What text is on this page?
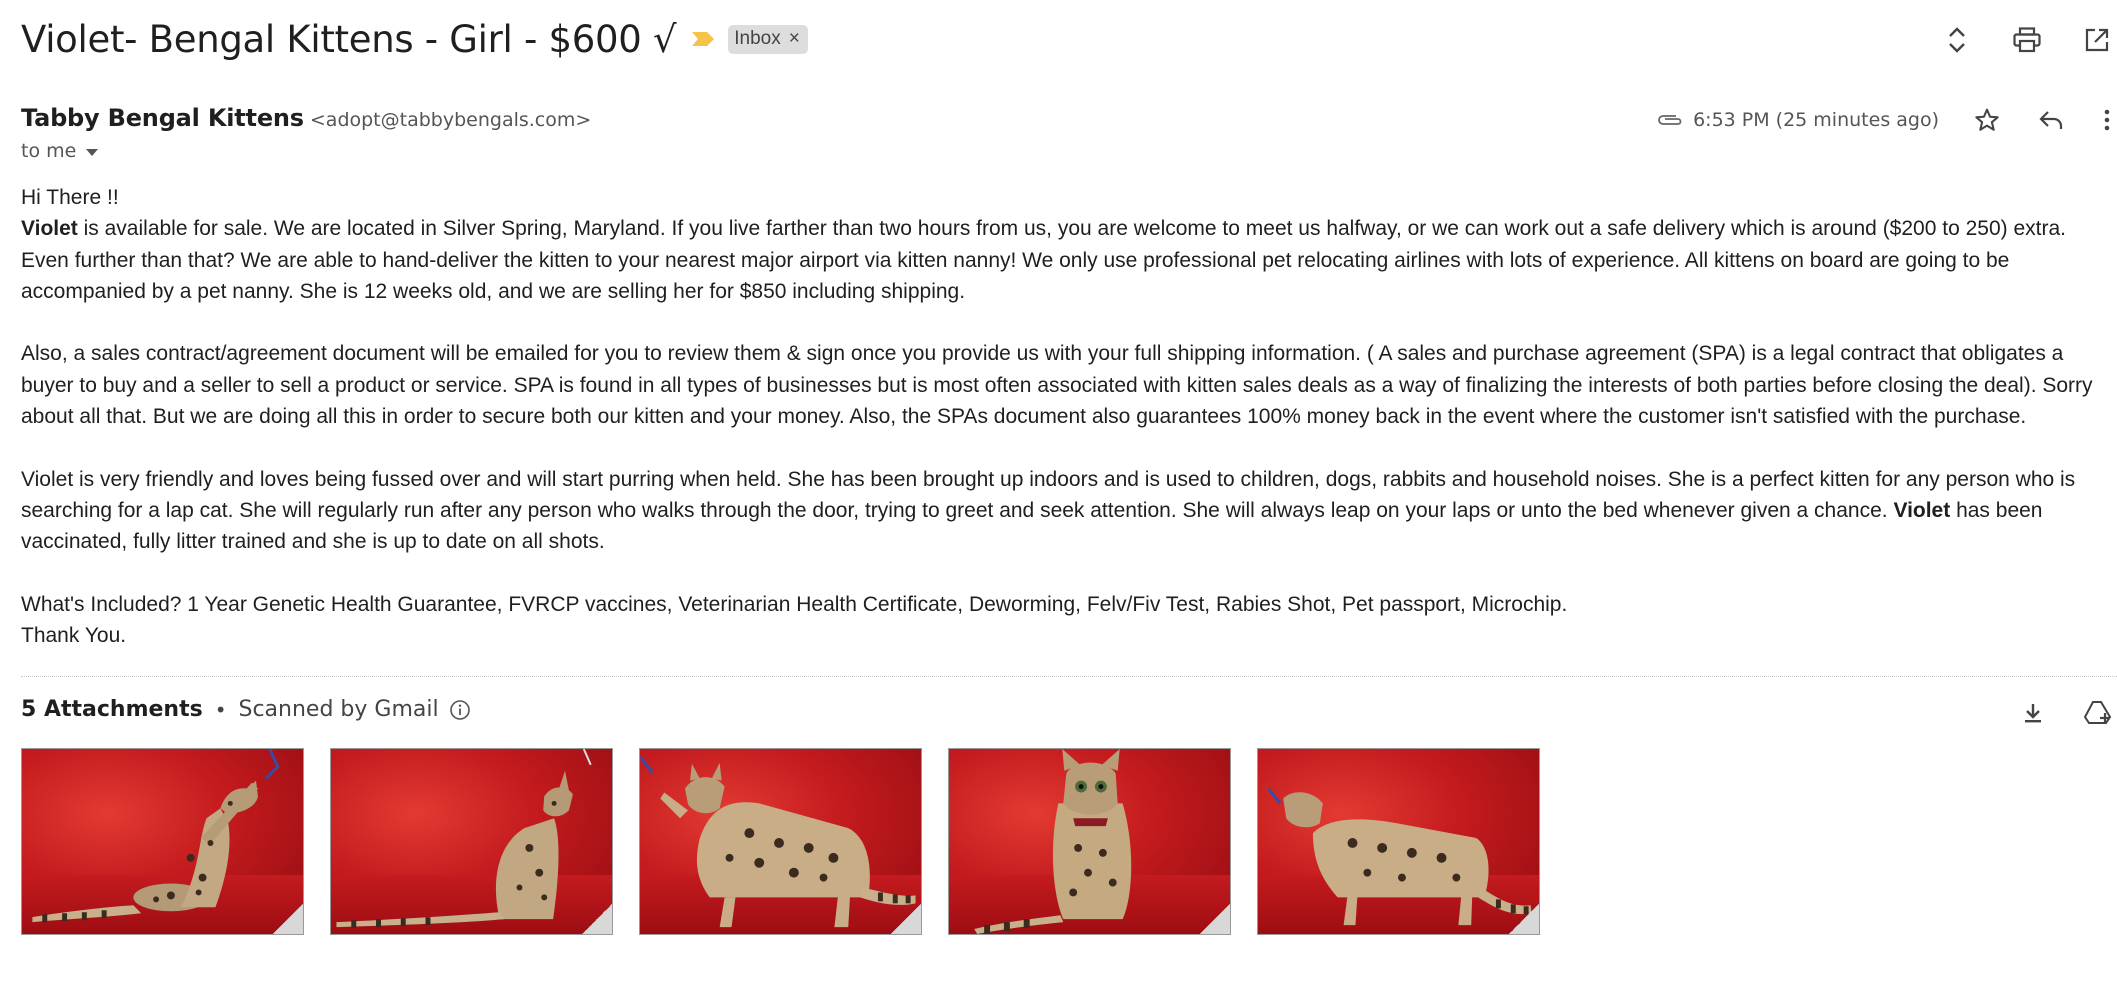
Violet- Bengal Kittens - Girl - $600 √	Inbox ×
Tabby Bengal Kittens <adopt@tabbybengals.com>
to me
6:53 PM (25 minutes ago)

Hi There !!

Violet is available for sale. We are located in Silver Spring, Maryland. If you live farther than two hours from us, you are welcome to meet us halfway, or we can work out a safe delivery which is around ($200 to 250) extra. Even further than that? We are able to hand-deliver the kitten to your nearest major airport via kitten nanny! We only use professional pet relocating airlines with lots of experience. All kittens on board are going to be accompanied by a pet nanny. She is 12 weeks old, and we are selling her for $850 including shipping.

Also, a sales contract/agreement document will be emailed for you to review them & sign once you provide us with your full shipping information. ( A sales and purchase agreement (SPA) is a legal contract that obligates a buyer to buy and a seller to sell a product or service. SPA is found in all types of businesses but is most often associated with kitten sales deals as a way of finalizing the interests of both parties before closing the deal). Sorry about all that. But we are doing all this in order to secure both our kitten and your money. Also, the SPAs document also guarantees 100% money back in the event where the customer isn't satisfied with the purchase.

Violet is very friendly and loves being fussed over and will start purring when held. She has been brought up indoors and is used to children, dogs, rabbits and household noises. She is a perfect kitten for any person who is searching for a lap cat. She will regularly run after any person who walks through the door, trying to greet and seek attention. She will always leap on your laps or unto the bed whenever given a chance. Violet has been vaccinated, fully litter trained and she is up to date on all shots.

What's Included? 1 Year Genetic Health Guarantee, FVRCP vaccines, Veterinarian Health Certificate, Deworming, Felv/Fiv Test, Rabies Shot, Pet passport, Microchip.

Thank You.

5 Attachments • Scanned by Gmail
